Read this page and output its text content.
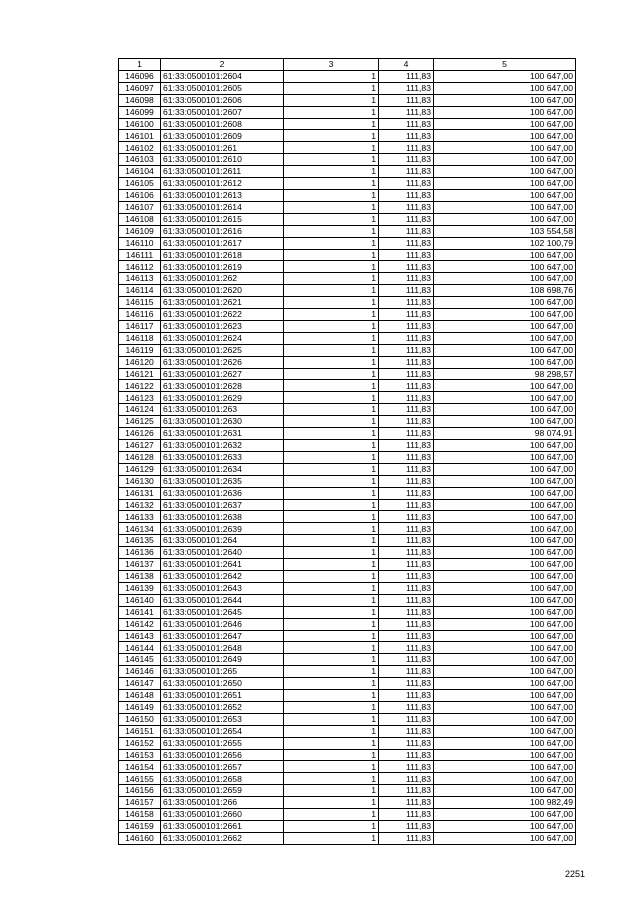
1	2	3	4	5
146096	61:33:0500101:2604	1	111,83	100 647,00
146097	61:33:0500101:2605	1	111,83	100 647,00
146098	61:33:0500101:2606	1	111,83	100 647,00
146099	61:33:0500101:2607	1	111,83	100 647,00
146100	61:33:0500101:2608	1	111,83	100 647,00
146101	61:33:0500101:2609	1	111,83	100 647,00
146102	61:33:0500101:261	1	111,83	100 647,00
146103	61:33:0500101:2610	1	111,83	100 647,00
146104	61:33:0500101:2611	1	111,83	100 647,00
146105	61:33:0500101:2612	1	111,83	100 647,00
146106	61:33:0500101:2613	1	111,83	100 647,00
146107	61:33:0500101:2614	1	111,83	100 647,00
146108	61:33:0500101:2615	1	111,83	100 647,00
146109	61:33:0500101:2616	1	111,83	103 554,58
146110	61:33:0500101:2617	1	111,83	102 100,79
146111	61:33:0500101:2618	1	111,83	100 647,00
146112	61:33:0500101:2619	1	111,83	100 647,00
146113	61:33:0500101:262	1	111,83	100 647,00
146114	61:33:0500101:2620	1	111,83	108 698,76
146115	61:33:0500101:2621	1	111,83	100 647,00
146116	61:33:0500101:2622	1	111,83	100 647,00
146117	61:33:0500101:2623	1	111,83	100 647,00
146118	61:33:0500101:2624	1	111,83	100 647,00
146119	61:33:0500101:2625	1	111,83	100 647,00
146120	61:33:0500101:2626	1	111,83	100 647,00
146121	61:33:0500101:2627	1	111,83	98 298,57
146122	61:33:0500101:2628	1	111,83	100 647,00
146123	61:33:0500101:2629	1	111,83	100 647,00
146124	61:33:0500101:263	1	111,83	100 647,00
146125	61:33:0500101:2630	1	111,83	100 647,00
146126	61:33:0500101:2631	1	111,83	98 074,91
146127	61:33:0500101:2632	1	111,83	100 647,00
146128	61:33:0500101:2633	1	111,83	100 647,00
146129	61:33:0500101:2634	1	111,83	100 647,00
146130	61:33:0500101:2635	1	111,83	100 647,00
146131	61:33:0500101:2636	1	111,83	100 647,00
146132	61:33:0500101:2637	1	111,83	100 647,00
146133	61:33:0500101:2638	1	111,83	100 647,00
146134	61:33:0500101:2639	1	111,83	100 647,00
146135	61:33:0500101:264	1	111,83	100 647,00
146136	61:33:0500101:2640	1	111,83	100 647,00
146137	61:33:0500101:2641	1	111,83	100 647,00
146138	61:33:0500101:2642	1	111,83	100 647,00
146139	61:33:0500101:2643	1	111,83	100 647,00
146140	61:33:0500101:2644	1	111,83	100 647,00
146141	61:33:0500101:2645	1	111,83	100 647,00
146142	61:33:0500101:2646	1	111,83	100 647,00
146143	61:33:0500101:2647	1	111,83	100 647,00
146144	61:33:0500101:2648	1	111,83	100 647,00
146145	61:33:0500101:2649	1	111,83	100 647,00
146146	61:33:0500101:265	1	111,83	100 647,00
146147	61:33:0500101:2650	1	111,83	100 647,00
146148	61:33:0500101:2651	1	111,83	100 647,00
146149	61:33:0500101:2652	1	111,83	100 647,00
146150	61:33:0500101:2653	1	111,83	100 647,00
146151	61:33:0500101:2654	1	111,83	100 647,00
146152	61:33:0500101:2655	1	111,83	100 647,00
146153	61:33:0500101:2656	1	111,83	100 647,00
146154	61:33:0500101:2657	1	111,83	100 647,00
146155	61:33:0500101:2658	1	111,83	100 647,00
146156	61:33:0500101:2659	1	111,83	100 647,00
146157	61:33:0500101:266	1	111,83	100 982,49
146158	61:33:0500101:2660	1	111,83	100 647,00
146159	61:33:0500101:2661	1	111,83	100 647,00
146160	61:33:0500101:2662	1	111,83	100 647,00
2251
